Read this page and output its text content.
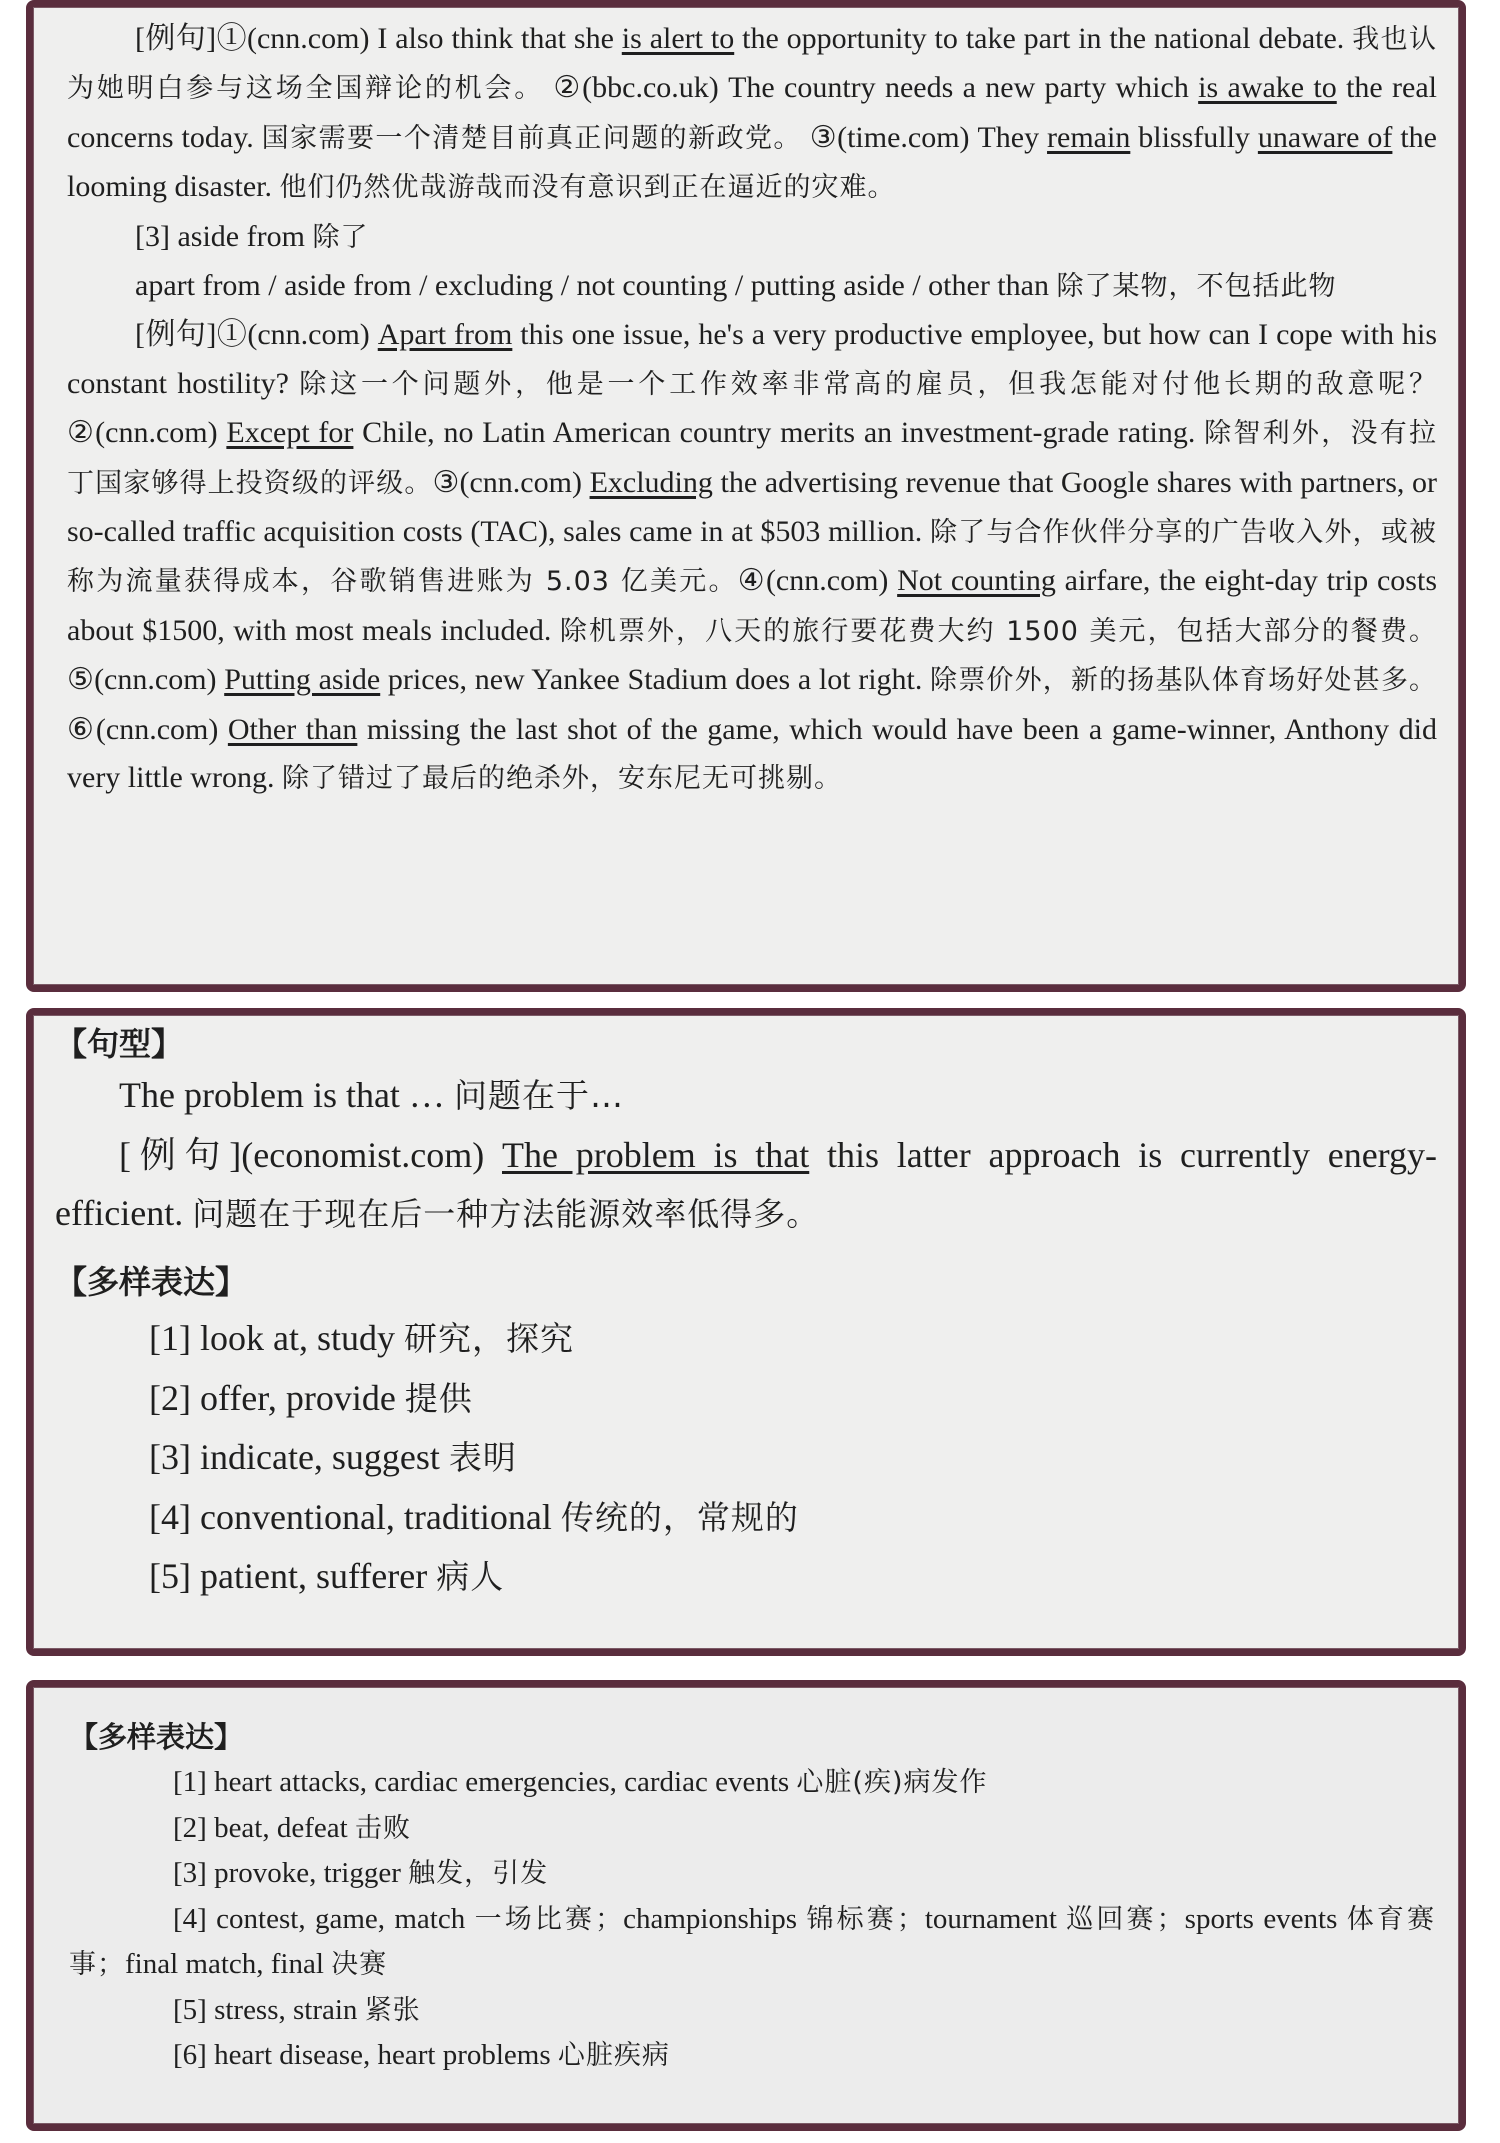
[例句]①(cnn.com) I also think that she is alert to the opportunity to take part in the national debate. 我也认为她明白参与这场全国辩论的机会。 ②(bbc.co.uk) The country needs a new party which is awake to the real concerns today. 国家需要一个清楚目前真正问题的新政党。 ③(time.com) They remain blissfully unaware of the looming disaster. 他们仍然优哉游哉而没有意识到正在逼近的灾难。

[3] aside from 除了

apart from / aside from / excluding / not counting / putting aside / other than 除了某物，不包括此物

[例句]①(cnn.com) Apart from this one issue, he's a very productive employee, but how can I cope with his constant hostility? 除这一个问题外，他是一个工作效率非常高的雇员，但我怎能对付他长期的敌意呢？②(cnn.com) Except for Chile, no Latin American country merits an investment-grade rating. 除智利外，没有拉丁国家够得上投资级的评级。③(cnn.com) Excluding the advertising revenue that Google shares with partners, or so-called traffic acquisition costs (TAC), sales came in at $503 million. 除了与合作伙伴分享的广告收入外，或被称为流量获得成本，谷歌销售进账为 5.03 亿美元。④(cnn.com) Not counting airfare, the eight-day trip costs about $1500, with most meals included. 除机票外，八天的旅行要花费大约 1500 美元，包括大部分的餐费。⑤(cnn.com) Putting aside prices, new Yankee Stadium does a lot right. 除票价外，新的扬基队体育场好处甚多。⑥(cnn.com) Other than missing the last shot of the game, which would have been a game-winner, Anthony did very little wrong. 除了错过了最后的绝杀外，安东尼无可挑剔。

【句型】

The problem is that … 问题在于…

[例句](economist.com) The problem is that this latter approach is currently energy-efficient. 问题在于现在后一种方法能源效率低得多。

【多样表达】

[1] look at, study 研究，探究

[2] offer, provide 提供

[3] indicate, suggest 表明

[4] conventional, traditional 传统的，常规的

[5] patient, sufferer 病人

【多样表达】

[1] heart attacks, cardiac emergencies, cardiac events 心脏(疾)病发作

[2] beat, defeat 击败

[3] provoke, trigger 触发，引发

[4] contest, game, match 一场比赛；championships 锦标赛；tournament 巡回赛；sports events 体育赛事；final match, final 决赛

[5] stress, strain 紧张

[6] heart disease, heart problems 心脏疾病
